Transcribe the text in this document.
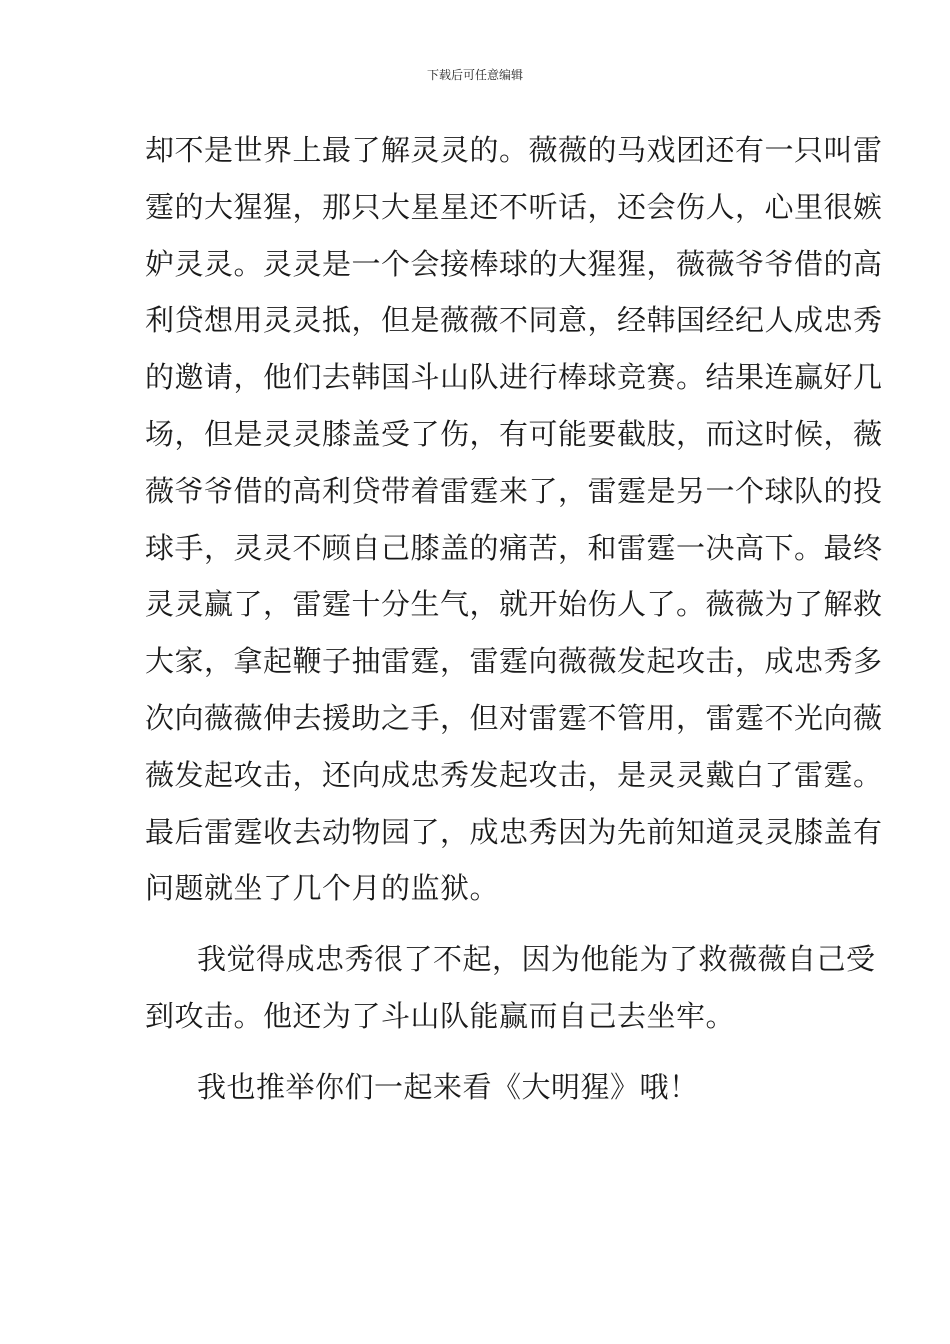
下载后可任意编辑
却不是世界上最了解灵灵的。薇薇的马戏团还有一只叫雷
霆的大猩猩，那只大星星还不听话，还会伤人，心里很嫉
妒灵灵。灵灵是一个会接棒球的大猩猩，薇薇爷爷借的高
利贷想用灵灵抵，但是薇薇不同意，经韩国经纪人成忠秀
的邀请，他们去韩国斗山队进行棒球竞赛。结果连赢好几
场，但是灵灵膝盖受了伤，有可能要截肢，而这时候，薇
薇爷爷借的高利贷带着雷霆来了，雷霆是另一个球队的投
球手，灵灵不顾自己膝盖的痛苦，和雷霆一决高下。最终
灵灵赢了，雷霆十分生气，就开始伤人了。薇薇为了解救
大家，拿起鞭子抽雷霆，雷霆向薇薇发起攻击，成忠秀多
次向薇薇伸去援助之手，但对雷霆不管用，雷霆不光向薇
薇发起攻击，还向成忠秀发起攻击，是灵灵戴白了雷霆。
最后雷霆收去动物园了，成忠秀因为先前知道灵灵膝盖有
问题就坐了几个月的监狱。
我觉得成忠秀很了不起，因为他能为了救薇薇自己受
到攻击。他还为了斗山队能赢而自己去坐牢。
我也推举你们一起来看《大明猩》哦！
